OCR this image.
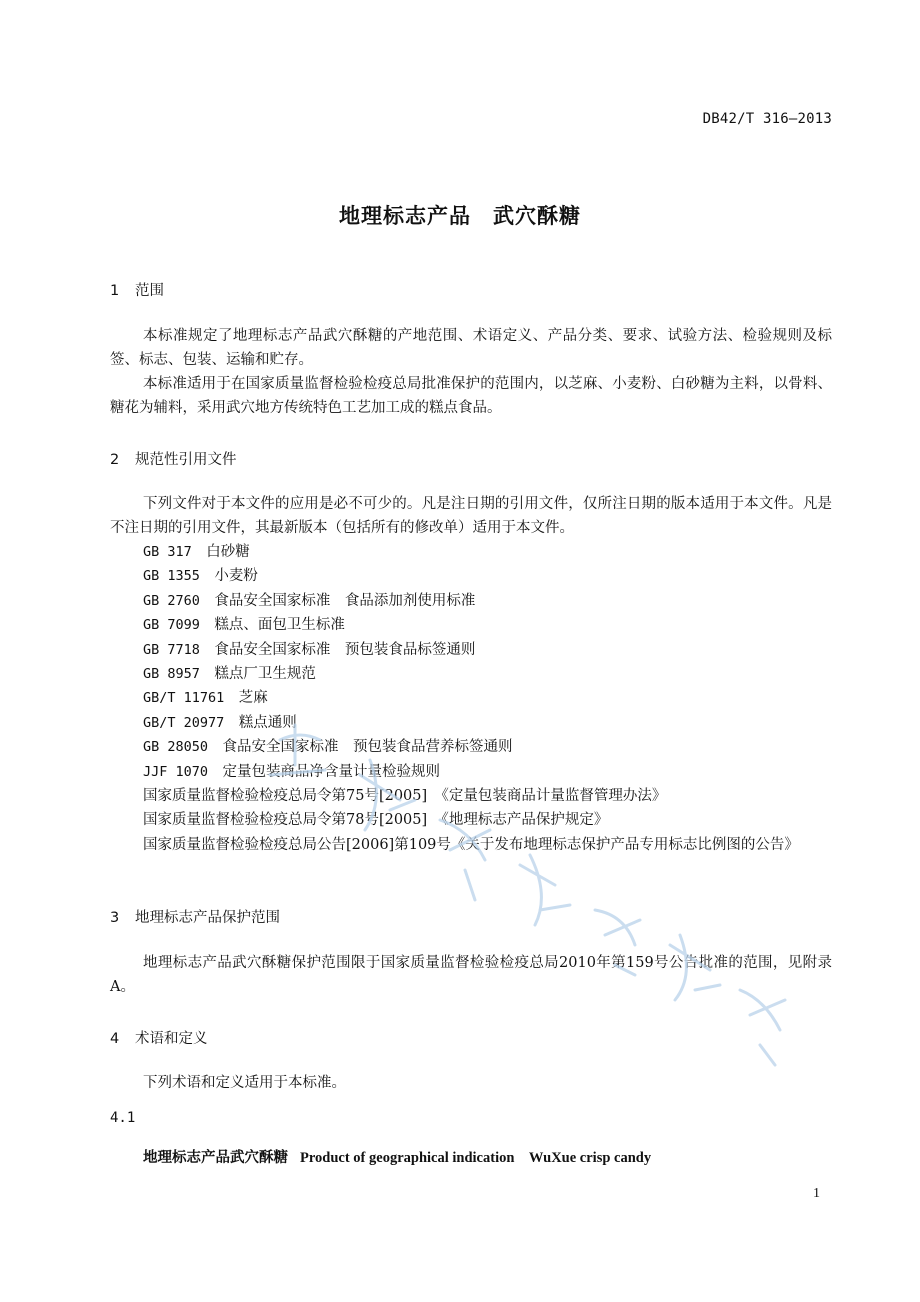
DB42/T 316—2013
地理标志产品　武穴酥糖
1 范围

本标准规定了地理标志产品武穴酥糖的产地范围、术语定义、产品分类、要求、试验方法、检验规则及标签、标志、包装、运输和贮存。

本标准适用于在国家质量监督检验检疫总局批准保护的范围内，以芝麻、小麦粉、白砂糖为主料，以骨料、糖花为辅料，采用武穴地方传统特色工艺加工成的糕点食品。

2 规范性引用文件

下列文件对于本文件的应用是必不可少的。凡是注日期的引用文件，仅所注日期的版本适用于本文件。凡是不注日期的引用文件，其最新版本（包括所有的修改单）适用于本文件。

GB 317　 白砂糖
GB 1355　 小麦粉
GB 2760　 食品安全国家标准　食品添加剂使用标准
GB 7099　 糕点、面包卫生标准
GB 7718　 食品安全国家标准　预包装食品标签通则
GB 8957　 糕点厂卫生规范
GB/T 11761　 芝麻
GB/T 20977　 糕点通则
GB 28050　 食品安全国家标准　预包装食品营养标签通则
JJF 1070　 定量包装商品净含量计量检验规则
国家质量监督检验检疫总局令第75号[2005]　《定量包装商品计量监督管理办法》
国家质量监督检验检疫总局令第78号[2005]　《地理标志产品保护规定》
国家质量监督检验检疫总局公告[2006]第109号《关于发布地理标志保护产品专用标志比例图的公告》
3 地理标志产品保护范围

地理标志产品武穴酥糖保护范围限于国家质量监督检验检疫总局2010年第159号公告批准的范围，见附录A。

4 术语和定义

下列术语和定义适用于本标准。

4.1
地理标志产品武穴酥糖 Product of geographical indication　WuXue crisp candy
1
